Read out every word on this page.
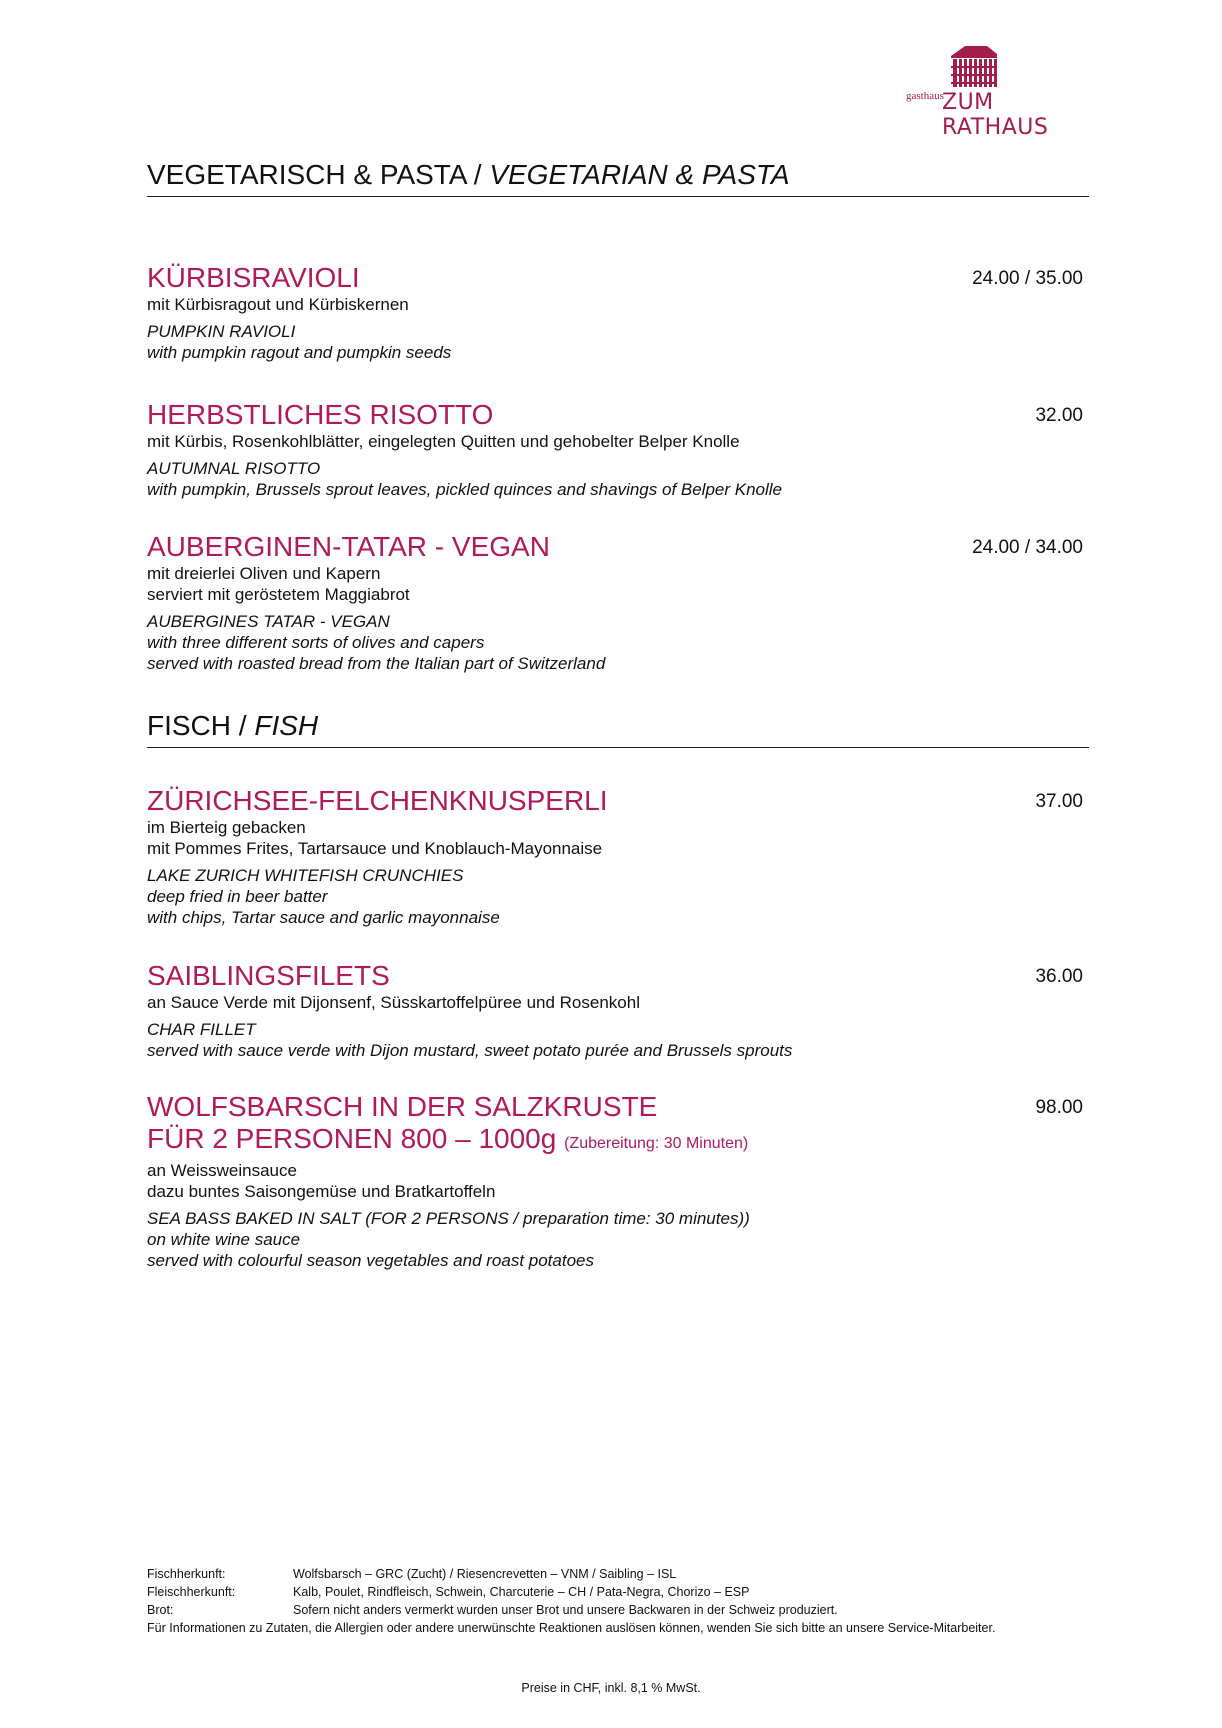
gasthaus
ZUM RATHAUS
VEGETARISCH & PASTA / VEGETARIAN & PASTA
KÜRBISRAVIOLI	24.00 / 35.00
mit Kürbisragout und Kürbiskernen
PUMPKIN RAVIOLI
with pumpkin ragout and pumpkin seeds
HERBSTLICHES RISOTTO	32.00
mit Kürbis, Rosenkohlblätter, eingelegten Quitten und gehobelter Belper Knolle
AUTUMNAL RISOTTO
with pumpkin, Brussels sprout leaves, pickled quinces and shavings of Belper Knolle
AUBERGINEN-TATAR - VEGAN	24.00 / 34.00
mit dreierlei Oliven und Kapern
serviert mit geröstetem Maggiabrot
AUBERGINES TATAR - VEGAN
with three different sorts of olives and capers
served with roasted bread from the Italian part of Switzerland
FISCH / FISH
ZÜRICHSEE-FELCHENKNUSPERLI	37.00
im Bierteig gebacken
mit Pommes Frites, Tartarsauce und Knoblauch-Mayonnaise
LAKE ZURICH WHITEFISH CRUNCHIES
deep fried in beer batter
with chips, Tartar sauce and garlic mayonnaise
SAIBLINGSFILETS	36.00
an Sauce Verde mit Dijonsenf, Süsskartoffelpüree und Rosenkohl
CHAR FILLET
served with sauce verde with Dijon mustard, sweet potato purée and Brussels sprouts
WOLFSBARSCH IN DER SALZKRUSTE
FÜR 2 PERSONEN 800 – 1000g (Zubereitung: 30 Minuten)
98.00
an Weissweinsauce
dazu buntes Saisongemüse und Bratkartoffeln
SEA BASS BAKED IN SALT (FOR 2 PERSONS / preparation time: 30 minutes))
on white wine sauce
served with colourful season vegetables and roast potatoes
Fischherkunft:	Wolfsbarsch – GRC (Zucht) / Riesencrevetten – VNM / Saibling – ISL
Fleischherkunft:	Kalb, Poulet, Rindfleisch, Schwein, Charcuterie – CH / Pata-Negra, Chorizo – ESP
Brot:	Sofern nicht anders vermerkt wurden unser Brot und unsere Backwaren in der Schweiz produziert.
Für Informationen zu Zutaten, die Allergien oder andere unerwünschte Reaktionen auslösen können, wenden Sie sich bitte an unsere Service-Mitarbeiter.
Preise in CHF, inkl. 8,1 % MwSt.
